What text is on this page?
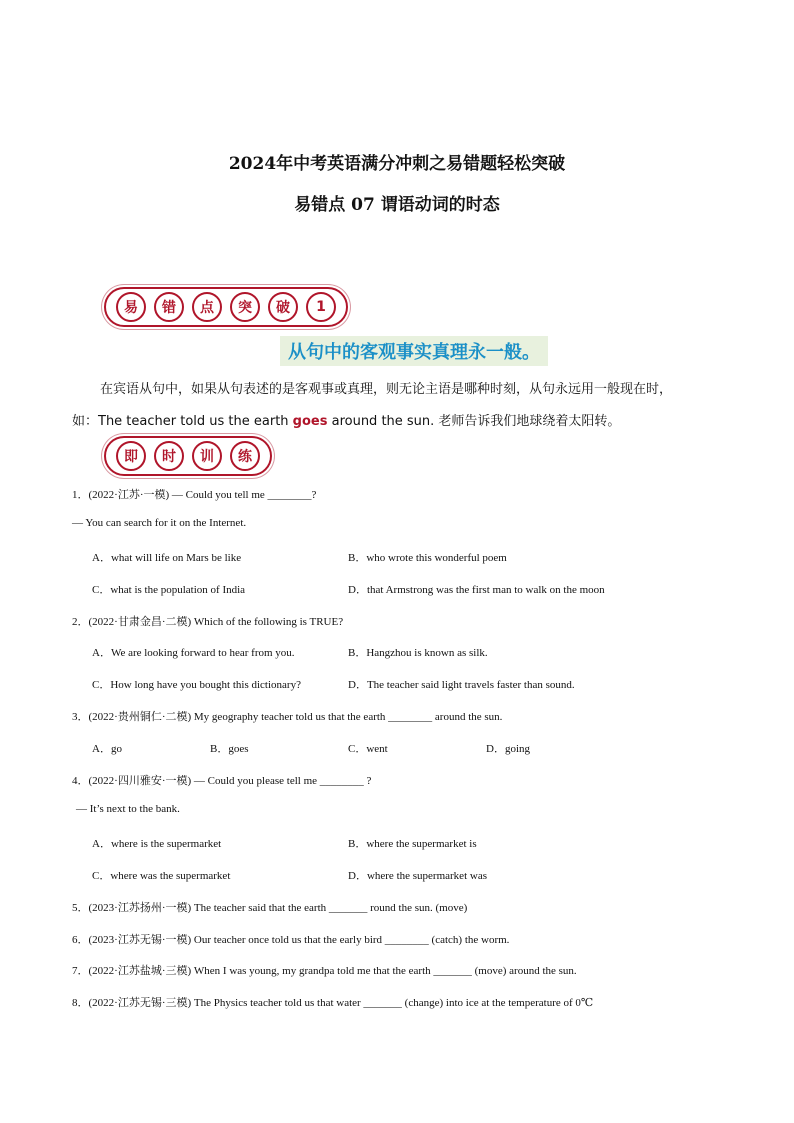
2024年中考英语满分冲刺之易错题轻松突破
易错点 07 谓语动词的时态
易	错	点	突	破	1
从句中的客观事实真理永一般。
在宾语从句中，如果从句表述的是客观事或真理，则无论主语是哪种时刻，从句永远用一般现在时，
如：The teacher told us the earth goes around the sun. 老师告诉我们地球绕着太阳转。
即	时	训	练
1．(2022·江苏·一模) — Could you tell me ________?
— You can search for it on the Internet.
A．what will life on Mars be like	B．who wrote this wonderful poem
C．what is the population of India	D．that Armstrong was the first man to walk on the moon
2．(2022·甘肃金昌·二模) Which of the following is TRUE?
A．We are looking forward to hear from you.	B．Hangzhou is known as silk.
C．How long have you bought this dictionary?	D．The teacher said light travels faster than sound.
3．(2022·贵州铜仁·二模) My geography teacher told us that the earth ________ around the sun.
A．go	B．goes	C．went	D．going
4．(2022·四川雅安·一模) — Could you please tell me ________ ?
— It’s next to the bank.
A．where is the supermarket	B．where the supermarket is
C．where was the supermarket	D．where the supermarket was
5．(2023·江苏扬州·一模) The teacher said that the earth _______ round the sun. (move)
6．(2023·江苏无锡·一模) Our teacher once told us that the early bird ________ (catch) the worm.
7．(2022·江苏盐城·三模) When I was young, my grandpa told me that the earth _______ (move) around the sun.
8．(2022·江苏无锡·三模) The Physics teacher told us that water _______ (change) into ice at the temperature of 0℃
